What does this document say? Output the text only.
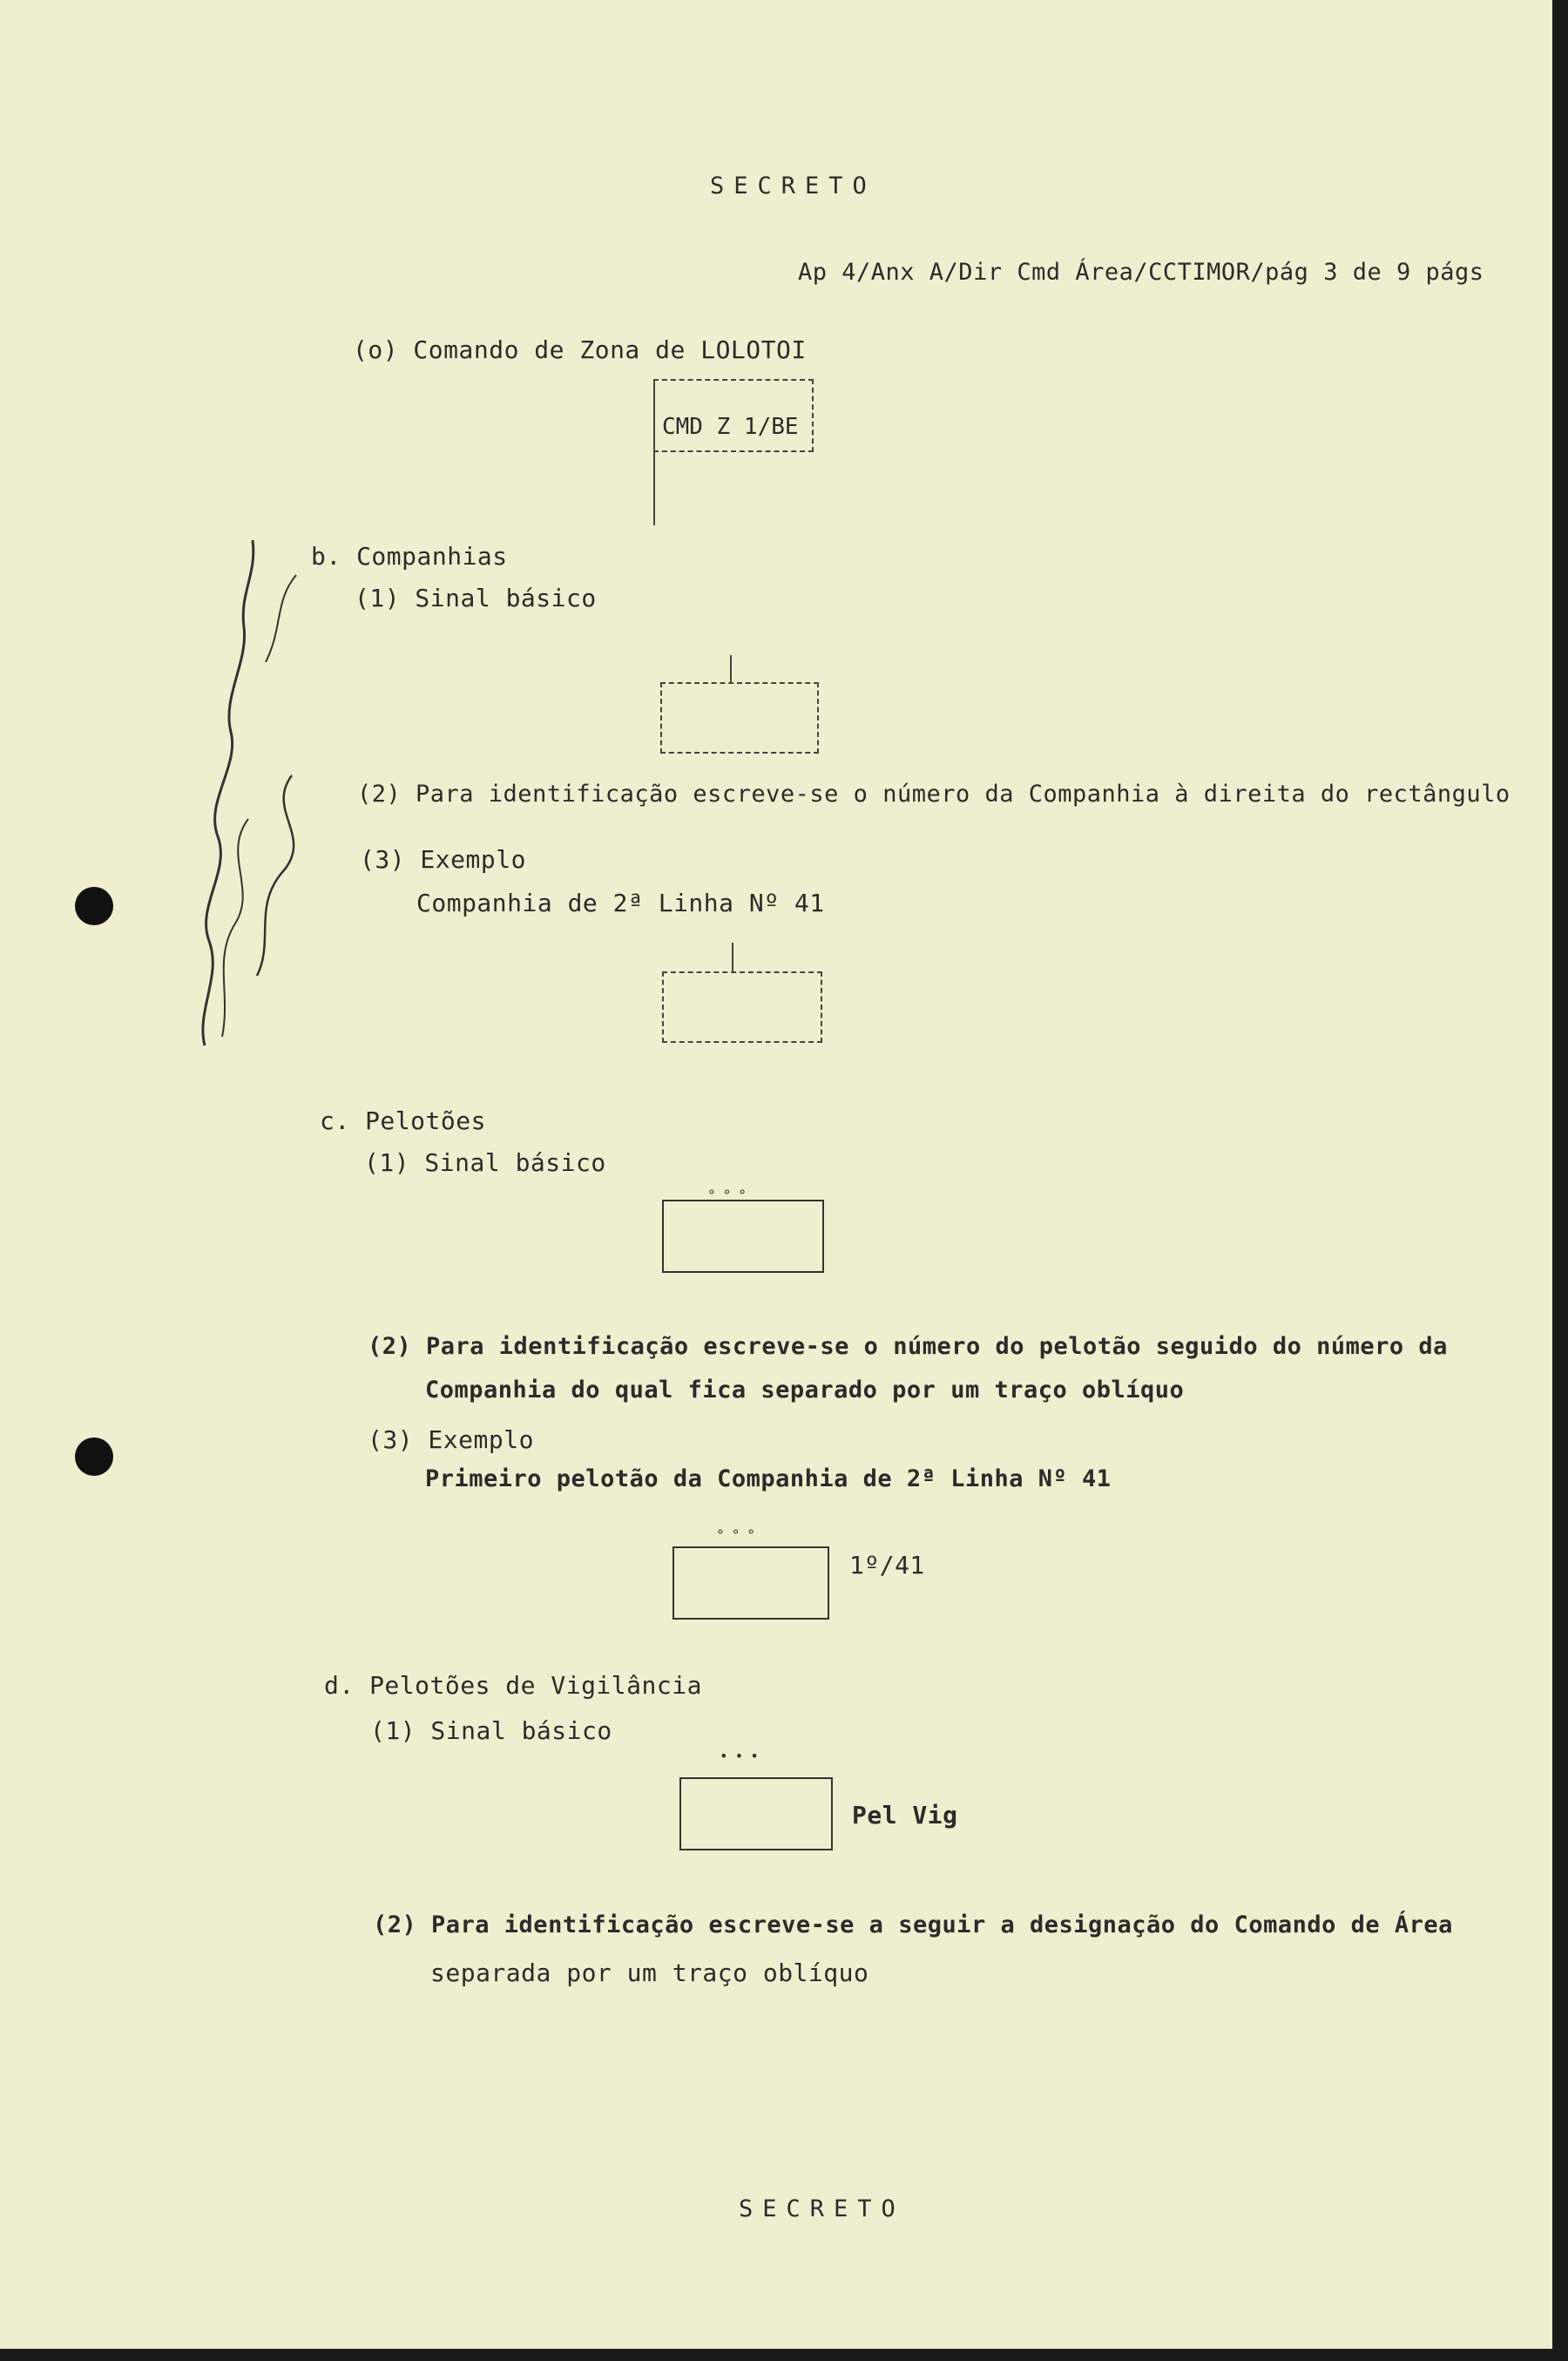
SECRETO
Ap 4/Anx A/Dir Cmd Área/CCTIMOR/pág 3 de 9 págs
(o) Comando de Zona de LOLOTOI
CMD Z 1/BE
b. Companhias
(1) Sinal básico
(2) Para identificação escreve-se o número da Companhia à direita do rectângulo
(3) Exemplo
Companhia de 2ª Linha Nº 41
c. Pelotões
(1) Sinal básico
∘∘∘
(2) Para identificação escreve-se o número do pelotão seguido do número da
Companhia do qual fica separado por um traço oblíquo
(3) Exemplo
Primeiro pelotão da Companhia de 2ª Linha Nº 41
∘∘∘
1º/41
d. Pelotões de Vigilância
(1) Sinal básico
•••
Pel Vig
(2) Para identificação escreve-se a seguir a designação do Comando de Área
separada por um traço oblíquo
SECRETO
